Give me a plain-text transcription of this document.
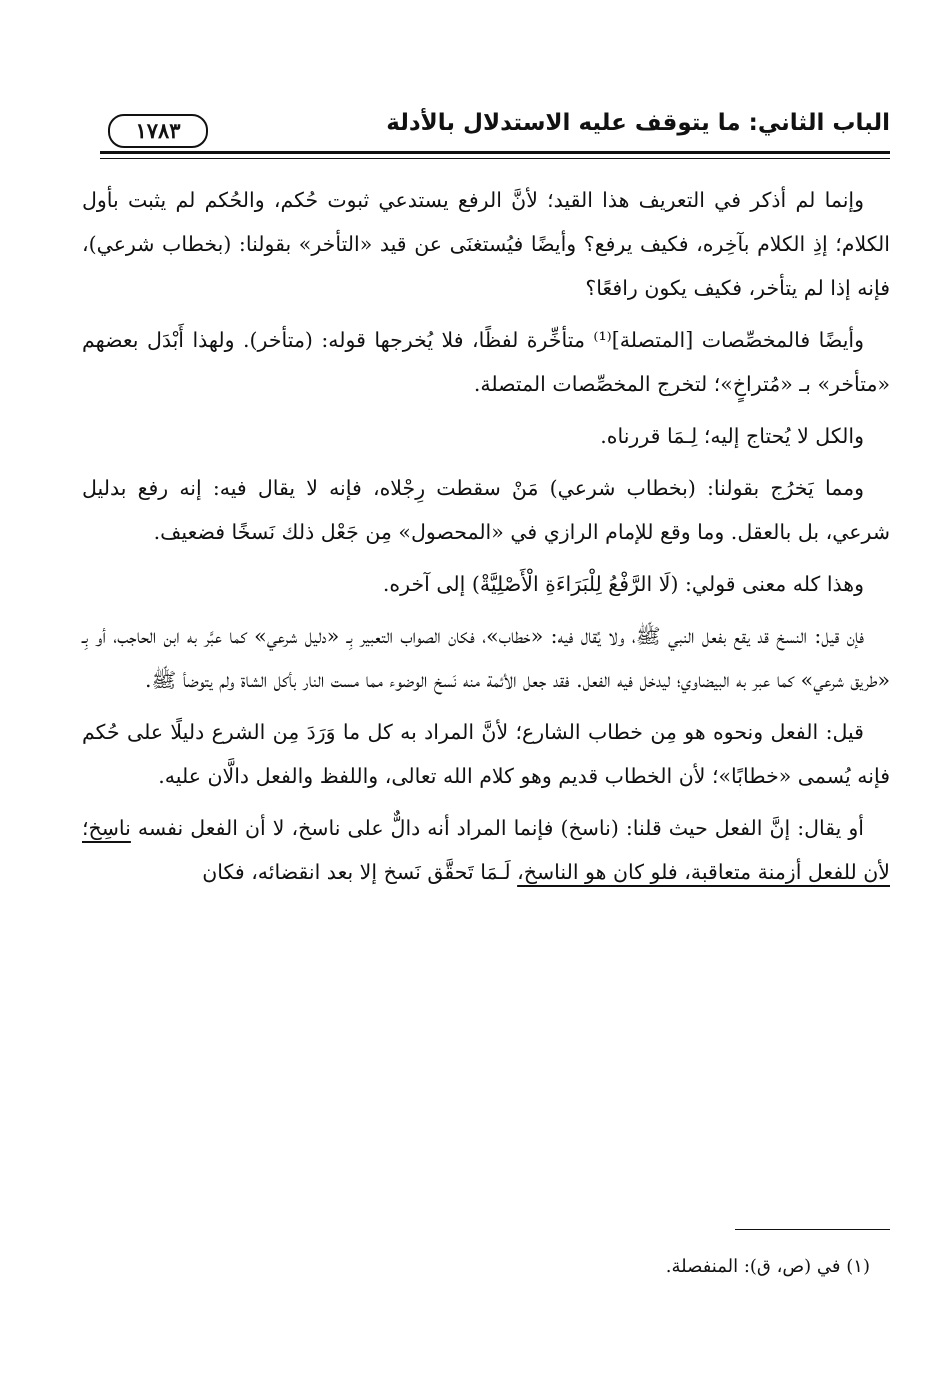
الباب الثاني: ما يتوقف عليه الاستدلال بالأدلة
١٧٨٣

وإنما لم أذكر في التعريف هذا القيد؛ لأنَّ الرفع يستدعي ثبوت حُكم، والحُكم لم يثبت بأول الكلام؛ إذِ الكلام بآخِره، فكيف يرفع؟ وأيضًا فيُستغنَى عن قيد «التأخر» بقولنا: (بخطاب شرعي)، فإنه إذا لم يتأخر، فكيف يكون رافعًا؟

وأيضًا فالمخصِّصات [المتصلة]⁽¹⁾ متأخِّرة لفظًا، فلا يُخرجها قوله: (متأخر). ولهذا أَبْدَل بعضهم «متأخر» بـ «مُتراخٍ»؛ لتخرج المخصِّصات المتصلة.

والكل لا يُحتاج إليه؛ لِـمَا قررناه.

ومما يَخرُج بقولنا: (بخطاب شرعي) مَنْ سقطت رِجْلاه، فإنه لا يقال فيه: إنه رفع بدليل شرعي، بل بالعقل. وما وقع للإمام الرازي في «المحصول» مِن جَعْل ذلك نَسخًا فضعيف.

وهذا كله معنى قولي: (لَا الرَّفْعُ لِلْبَرَاءَةِ الْأَصْلِيَّةْ) إلى آخره.

فإن قيل: النسخ قد يقع بفعل النبي ﷺ، ولا يُقال فيه: «خطاب»، فكان الصواب التعبير بِـ «دليل شرعي» كما عبَّر به ابن الحاجب، أو بِـ «طريق شرعي» كما عبر به البيضاوي؛ ليدخل فيه الفعل. فقد جعل الأئمة منه نَسخ الوضوء مما مست النار بأكل الشاة ولم يتوضأ ﷺ.

قيل: الفعل ونحوه هو مِن خطاب الشارع؛ لأنَّ المراد به كل ما وَرَدَ مِن الشرع دليلًا على حُكم فإنه يُسمى «خطابًا»؛ لأن الخطاب قديم وهو كلام الله تعالى، واللفظ والفعل دالَّان عليه.

أو يقال: إنَّ الفعل حيث قلنا: (ناسخ) فإنما المراد أنه دالٌّ على ناسخ، لا أن الفعل نفسه ناسِخ؛ لأن للفعل أزمنة متعاقبة، فلو كان هو الناسخ، لَـمَا تَحقَّق نَسخ إلا بعد انقضائه، فكان

(١) في (ص، ق): المنفصلة.
